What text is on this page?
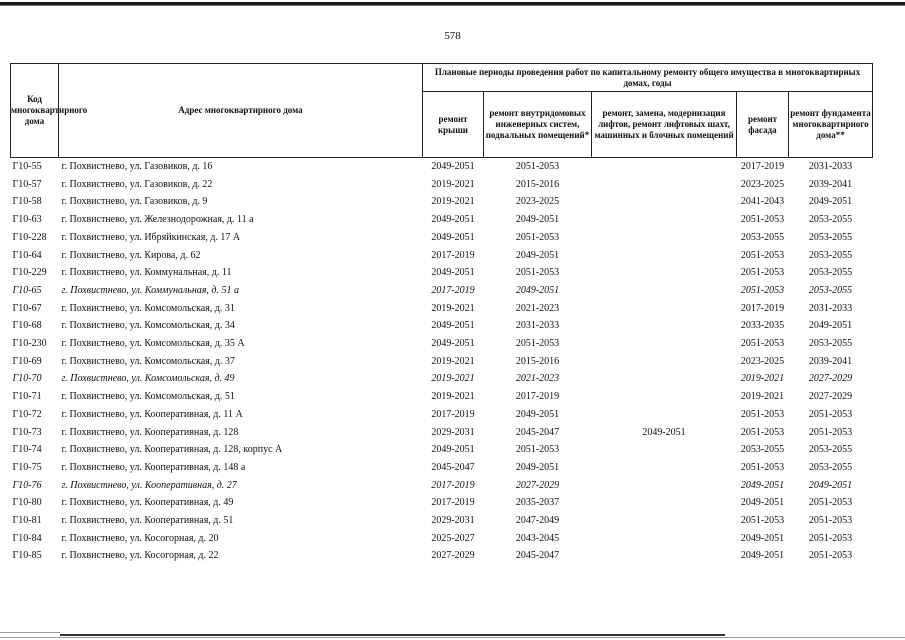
578
Код многоквартирного дома	Адрес многоквартирного дома	Плановые периоды проведения работ по капитальному ремонту общего имущества в многоквартирных домах, годы				
		ремонт крыши	ремонт внутридомовых инженерных систем, подвальных помещений*	ремонт, замена, модернизация лифтов, ремонт лифтовых шахт, машинных и блочных помещений	ремонт фасада	ремонт фундамента многоквартирного дома**
Г10-55	г. Похвистнево, ул. Газовиков, д. 16	2049-2051	2051-2053		2017-2019	2031-2033
Г10-57	г. Похвистнево, ул. Газовиков, д. 22	2019-2021	2015-2016		2023-2025	2039-2041
Г10-58	г. Похвистнево, ул. Газовиков, д. 9	2019-2021	2023-2025		2041-2043	2049-2051
Г10-63	г. Похвистнево, ул. Железнодорожная, д. 11 а	2049-2051	2049-2051		2051-2053	2053-2055
Г10-228	г. Похвистнево, ул. Ибряйкинская, д. 17 А	2049-2051	2051-2053		2053-2055	2053-2055
Г10-64	г. Похвистнево, ул. Кирова, д. 62	2017-2019	2049-2051		2051-2053	2053-2055
Г10-229	г. Похвистнево, ул. Коммунальная, д. 11	2049-2051	2051-2053		2051-2053	2053-2055
Г10-65	г. Похвистнево, ул. Коммунальная, д. 51 а	2017-2019	2049-2051		2051-2053	2053-2055
Г10-67	г. Похвистнево, ул. Комсомольская, д. 31	2019-2021	2021-2023		2017-2019	2031-2033
Г10-68	г. Похвистнево, ул. Комсомольская, д. 34	2049-2051	2031-2033		2033-2035	2049-2051
Г10-230	г. Похвистнево, ул. Комсомольская, д. 35 А	2049-2051	2051-2053		2051-2053	2053-2055
Г10-69	г. Похвистнево, ул. Комсомольская, д. 37	2019-2021	2015-2016		2023-2025	2039-2041
Г10-70	г. Похвистнево, ул. Комсомольская, д. 49	2019-2021	2021-2023		2019-2021	2027-2029
Г10-71	г. Похвистнево, ул. Комсомольская, д. 51	2019-2021	2017-2019		2019-2021	2027-2029
Г10-72	г. Похвистнево, ул. Кооперативная, д. 11 А	2017-2019	2049-2051		2051-2053	2051-2053
Г10-73	г. Похвистнево, ул. Кооперативная, д. 128	2029-2031	2045-2047	2049-2051	2051-2053	2051-2053
Г10-74	г. Похвистнево, ул. Кооперативная, д. 128, корпус А	2049-2051	2051-2053		2053-2055	2053-2055
Г10-75	г. Похвистнево, ул. Кооперативная, д. 148 а	2045-2047	2049-2051		2051-2053	2053-2055
Г10-76	г. Похвистнево, ул. Кооперативная, д. 27	2017-2019	2027-2029		2049-2051	2049-2051
Г10-80	г. Похвистнево, ул. Кооперативная, д. 49	2017-2019	2035-2037		2049-2051	2051-2053
Г10-81	г. Похвистнево, ул. Кооперативная, д. 51	2029-2031	2047-2049		2051-2053	2051-2053
Г10-84	г. Похвистнево, ул. Косогорная, д. 20	2025-2027	2043-2045		2049-2051	2051-2053
Г10-85	г. Похвистнево, ул. Косогорная, д. 22	2027-2029	2045-2047		2049-2051	2051-2053
